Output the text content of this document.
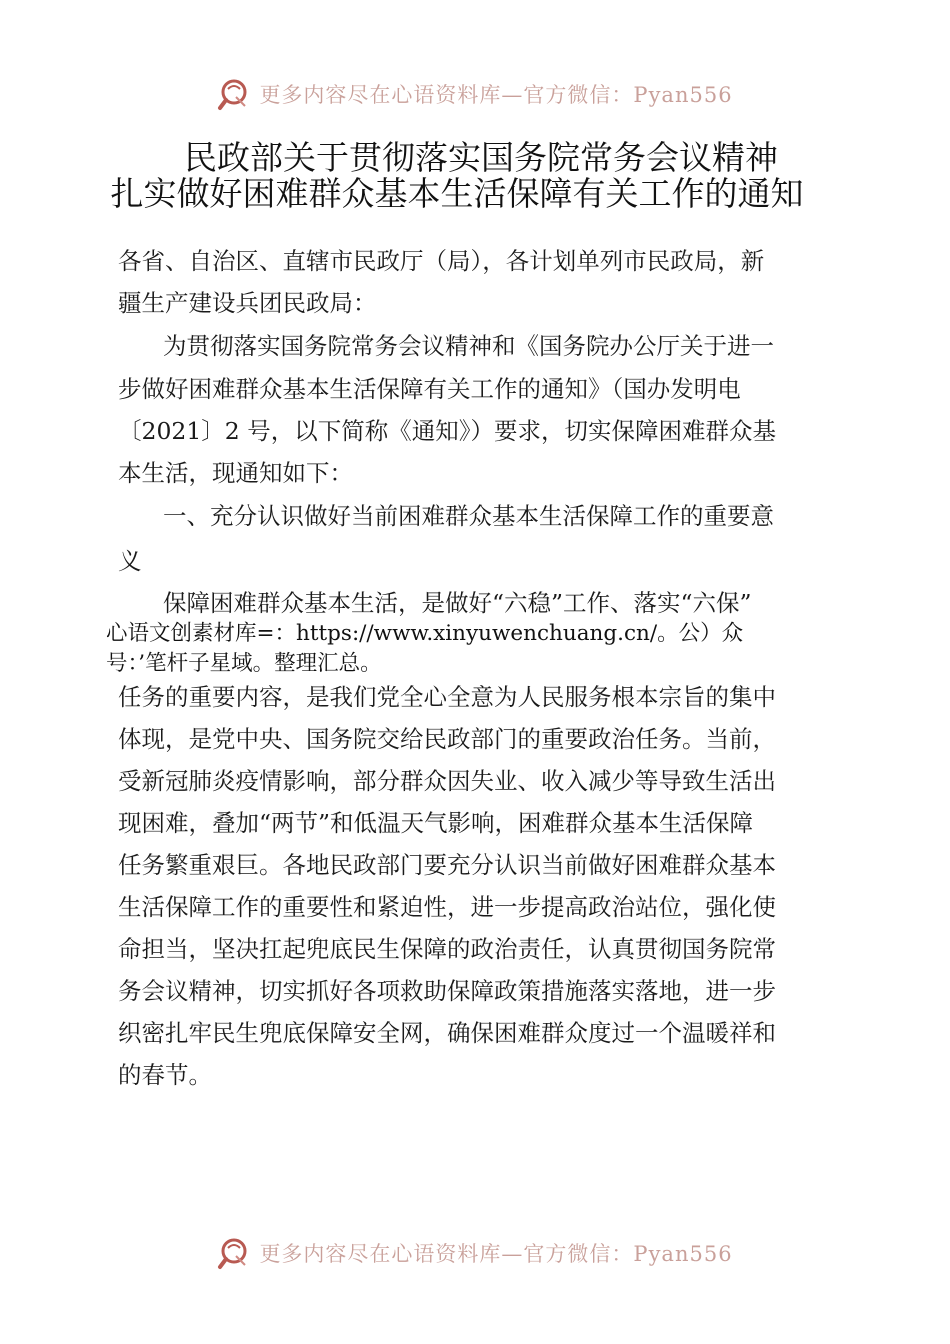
更多内容尽在心语资料库—官方微信：Pyan556
民政部关于贯彻落实国务院常务会议精神
扎实做好困难群众基本生活保障有关工作的通知
各省、自治区、直辖市民政厅（局），各计划单列市民政局，新
疆生产建设兵团民政局：
为贯彻落实国务院常务会议精神和《国务院办公厅关于进一
步做好困难群众基本生活保障有关工作的通知》（国办发明电
〔2021〕2 号，以下简称《通知》）要求，切实保障困难群众基
本生活，现通知如下：
一、充分认识做好当前困难群众基本生活保障工作的重要意
义
保障困难群众基本生活，是做好“六稳”工作、落实“六保”
心语文创素材库=：https://www.xinyuwenchuang.cn/。公）众
号：’笔杆子星域。整理汇总。
任务的重要内容，是我们党全心全意为人民服务根本宗旨的集中
体现，是党中央、国务院交给民政部门的重要政治任务。当前，
受新冠肺炎疫情影响，部分群众因失业、收入减少等导致生活出
现困难，叠加“两节”和低温天气影响，困难群众基本生活保障
任务繁重艰巨。各地民政部门要充分认识当前做好困难群众基本
生活保障工作的重要性和紧迫性，进一步提高政治站位，强化使
命担当，坚决扛起兜底民生保障的政治责任，认真贯彻国务院常
务会议精神，切实抓好各项救助保障政策措施落实落地，进一步
织密扎牢民生兜底保障安全网，确保困难群众度过一个温暖祥和
的春节。
更多内容尽在心语资料库—官方微信：Pyan556
